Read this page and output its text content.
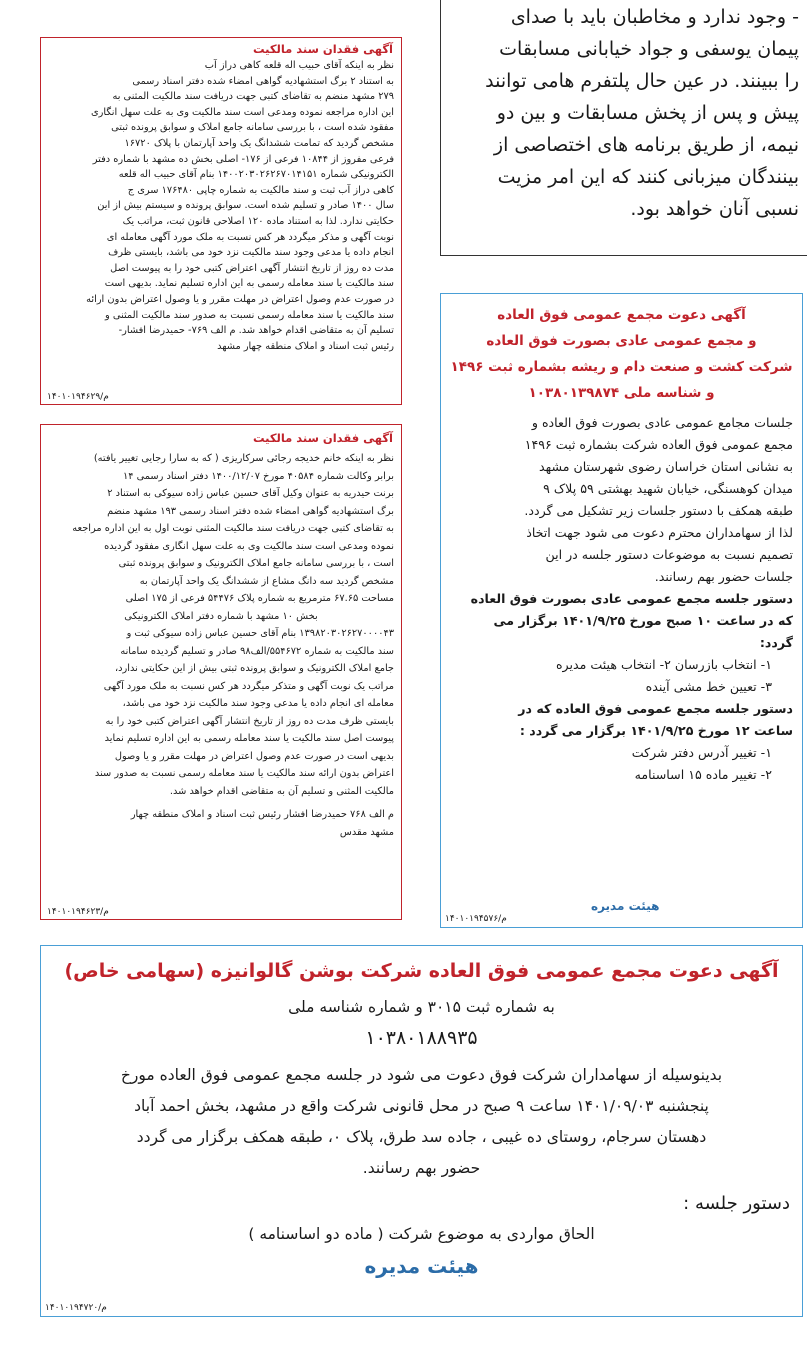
- وجود ندارد و مخاطبان باید با صدای
پیمان یوسفی و جواد خیابانی مسابقات
را ببینند. در عین حال پلتفرم هامی توانند
پیش و پس از پخش مسابقات و بین دو
نیمه، از طریق برنامه های اختصاصی از
بینندگان میزبانی کنند که این امر مزیت
نسبی آنان خواهد بود.
آگهی فقدان سند مالکیت
نظر به اینکه آقای حبیب اله قلعه کاهی دراز آب
به استناد ۲ برگ استشهادیه گواهی امضاء شده دفتر اسناد رسمی
۲۷۹ مشهد منضم به تقاضای کتبی جهت دریافت سند مالکیت المثنی به
این اداره مراجعه نموده ومدعی است سند مالکیت وی به علت سهل انگاری
مفقود شده است ، با بررسی سامانه جامع املاک و سوابق پرونده ثبتی
مشخص گردید که تمامت ششدانگ یک واحد آپارتمان با پلاک ۱۶۷۲۰
فرعی مفروز از ۱۰۸۴۴ فرعی از ۱۷۶- اصلی بخش ده مشهد با شماره دفتر
الکترونیکی شماره ۱۴۰۰۲۰۳۰۲۶۲۶۷۰۱۴۱۵۱ بنام آقای حبیب اله قلعه
کاهی دراز آب ثبت و سند مالکیت به شماره چاپی ۱۷۶۴۸۰ سری ج
سال ۱۴۰۰ صادر و تسلیم شده است. سوابق پرونده و سیستم بیش از این
حکایتی ندارد. لذا به استناد ماده ۱۲۰ اصلاحی قانون ثبت، مراتب یک
نوبت آگهی و مذکر میگردد هر کس نسبت به ملک مورد آگهی معامله ای
انجام داده یا مدعی وجود سند مالکیت نزد خود می باشد، بایستی ظرف
مدت ده روز از تاریخ انتشار آگهی اعتراض کتبی خود را به پیوست اصل
سند مالکیت یا سند معامله رسمی به این اداره تسلیم نماید. بدیهی است
در صورت عدم وصول اعتراض در مهلت مقرر و یا وصول اعتراض بدون ارائه
سند مالکیت یا سند معامله رسمی نسبت به صدور سند مالکیت المثنی و
تسلیم آن به متقاضی اقدام خواهد شد. م الف ۷۶۹- حمیدرضا افشار-
رئیس ثبت اسناد و املاک منطقه چهار مشهد
۱۴۰۱۰۱۹۴۶۲۹/م
آگهی فقدان سند مالکیت
نظر به اینکه خانم خدیجه رجائی سرکاریزی ( که به سارا رجایی تغییر یافته)
برابر وکالت شماره ۴۰۵۸۴ مورخ ۱۴۰۰/۱۲/۰۷ دفتر اسناد رسمی ۱۴
برنت حیدریه به عنوان وکیل آقای حسین عباس زاده سیوکی به استناد ۲
برگ استشهادیه گواهی امضاء شده دفتر اسناد رسمی ۱۹۳ مشهد منضم
به تقاضای کتبی جهت دریافت سند مالکیت المثنی نوبت اول به این اداره مراجعه
نموده ومدعی است سند مالکیت وی به علت سهل انگاری مفقود گردیده
است ، با بررسی سامانه جامع املاک الکترونیک و سوابق پرونده ثبتی
مشخص گردید سه دانگ مشاع از ششدانگ یک واحد آپارتمان به
مساحت ۶۷.۶۵ مترمربع به شماره پلاک ۵۴۴۷۶ فرعی از ۱۷۵ اصلی
بخش ۱۰ مشهد با شماره دفتر املاک الکترونیکی
۱۳۹۸۲۰۳۰۲۶۲۷۰۰۰۰۴۳ بنام آقای حسین عباس زاده سیوکی ثبت و
سند مالکیت به شماره ۵۵۴۶۷۲/الف۹۸ صادر و تسلیم گردیده سامانه
جامع املاک الکترونیک و سوابق پرونده ثبتی بیش از این حکایتی ندارد،
مراتب یک نوبت آگهی و متذکر میگردد هر کس نسبت به ملک مورد آگهی
معامله ای انجام داده یا مدعی وجود سند مالکیت نزد خود می باشد،
بایستی ظرف مدت ده روز از تاریخ انتشار آگهی اعتراض کتبی خود را به
پیوست اصل سند مالکیت یا سند معامله رسمی به این اداره تسلیم نماید
بدیهی است در صورت عدم وصول اعتراض در مهلت مقرر و یا وصول
اعتراض بدون ارائه سند مالکیت یا سند معامله رسمی نسبت به صدور سند
مالکیت المثنی و تسلیم آن به متقاضی اقدام خواهد شد.
م الف ۷۶۸ حمیدرضا افشار رئیس ثبت اسناد و املاک منطقه چهار
مشهد مقدس
۱۴۰۱۰۱۹۴۶۲۳/م
آگهی دعوت مجمع عمومی فوق العاده
و مجمع عمومی عادی بصورت فوق العاده
شرکت کشت و صنعت دام و ریشه بشماره ثبت ۱۴۹۶
و شناسه ملی ۱۰۳۸۰۱۳۹۸۷۴
جلسات مجامع عمومی عادی بصورت فوق العاده و
مجمع عمومی فوق العاده شرکت بشماره ثبت ۱۴۹۶
به نشانی استان خراسان رضوی شهرستان مشهد
میدان کوهسنگی، خیابان شهید بهشتی ۵۹ پلاک ۹
طبقه همکف با دستور جلسات زیر تشکیل می گردد.
لذا از سهامداران محترم دعوت می شود جهت اتخاذ
تصمیم نسبت به موضوعات دستور جلسه در این
جلسات حضور بهم رسانند.
دستور جلسه مجمع عمومی عادی بصورت فوق العاده
که در ساعت ۱۰ صبح مورخ ۱۴۰۱/۹/۲۵ برگزار می
گردد:
۱- انتخاب بازرسان ۲- انتخاب هیئت مدیره
۳- تعیین خط مشی آینده
دستور جلسه مجمع عمومی فوق العاده که در
ساعت ۱۲ مورخ ۱۴۰۱/۹/۲۵ برگزار می گردد :
۱- تغییر آدرس دفتر شرکت
۲- تغییر ماده ۱۵ اساسنامه
هیئت مدیره
۱۴۰۱۰۱۹۴۵۷۶/م
آگهی دعوت مجمع عمومی فوق العاده شرکت بوشن گالوانیزه (سهامی خاص)
به شماره ثبت ۳۰۱۵ و شماره شناسه ملی
۱۰۳۸۰۱۸۸۹۳۵
بدینوسیله از سهامداران شرکت فوق دعوت می شود در جلسه مجمع عمومی فوق العاده مورخ
پنجشنبه ۱۴۰۱/۰۹/۰۳ ساعت ۹ صبح در محل قانونی شرکت واقع در مشهد، بخش احمد آباد
دهستان سرجام، روستای ده غیبی ، جاده سد طرق، پلاک ۰، طبقه همکف برگزار می گردد
حضور بهم رسانند.
دستور جلسه :
الحاق مواردی به موضوع شرکت ( ماده دو اساسنامه )
هیئت مدیره
۱۴۰۱۰۱۹۴۷۲۰/م
